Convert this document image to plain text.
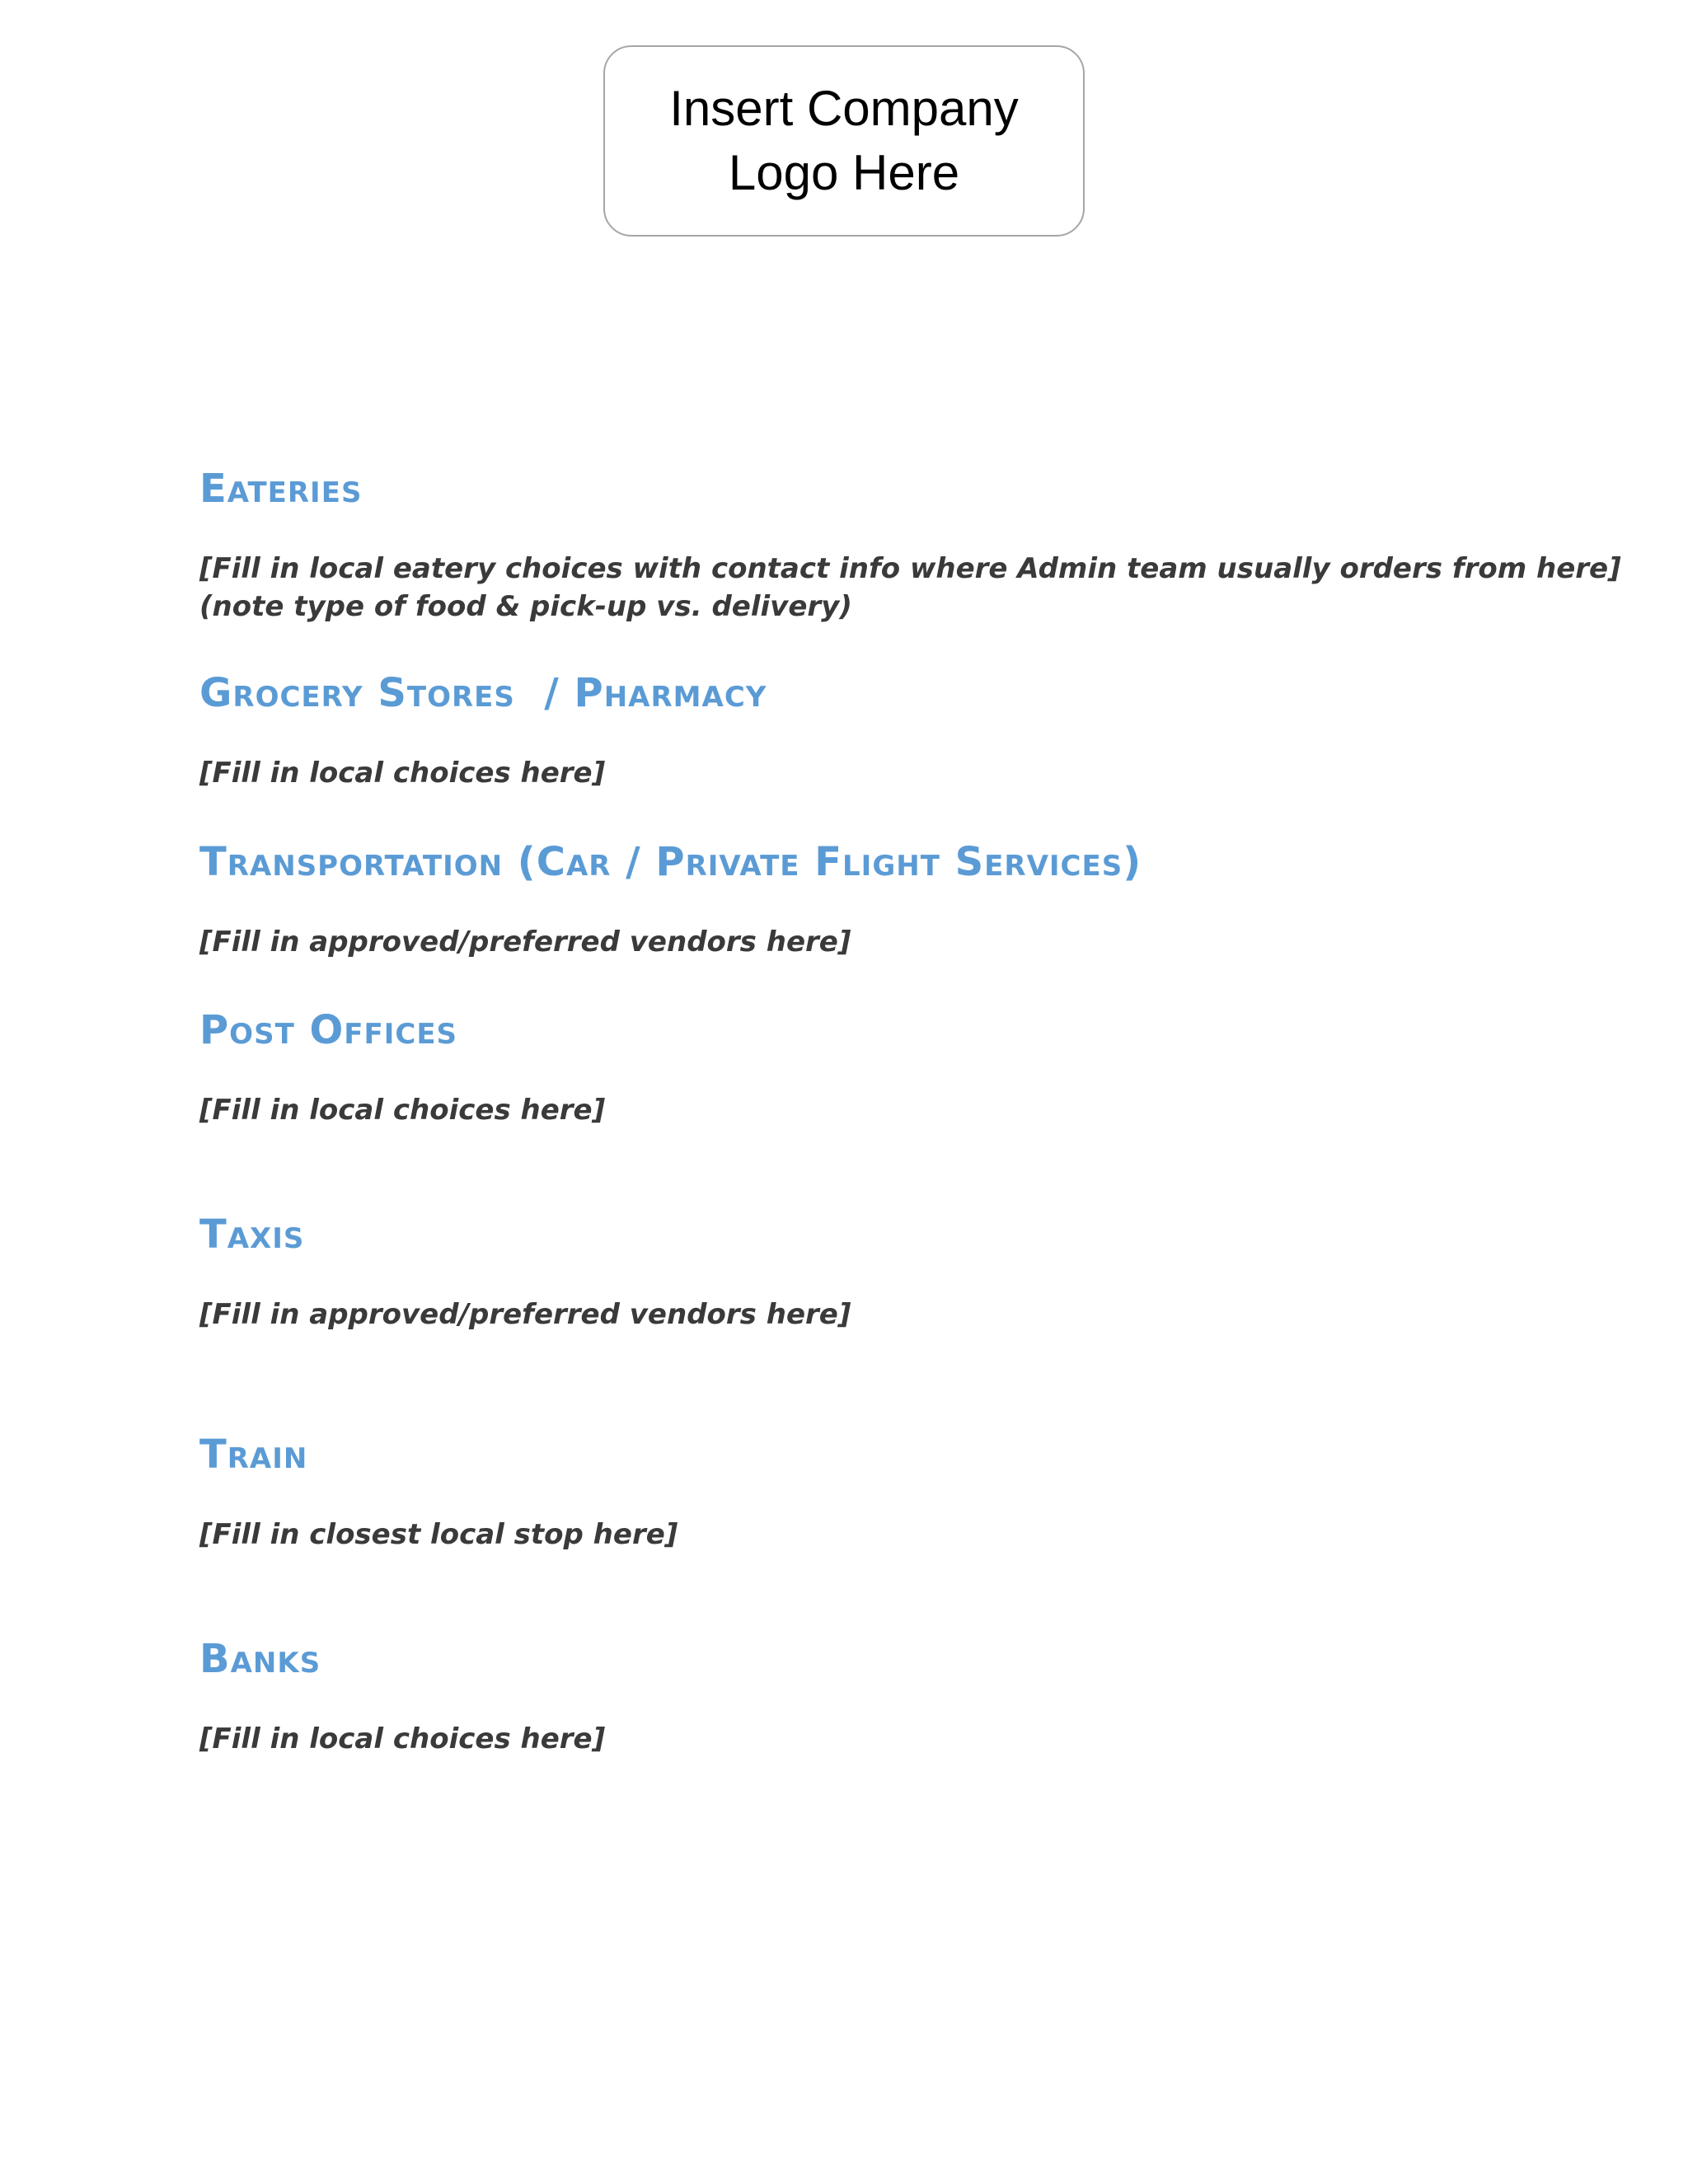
Insert Company
Logo Here
Eateries

[Fill in local eatery choices with contact info where Admin team usually orders from here]

(note type of food & pick-up vs. delivery)

Grocery Stores  / Pharmacy

[Fill in local choices here]

Transportation (Car / Private Flight Services)

[Fill in approved/preferred vendors here]

Post Offices

[Fill in local choices here]

Taxis

[Fill in approved/preferred vendors here]

Train

[Fill in closest local stop here]

Banks

[Fill in local choices here]
